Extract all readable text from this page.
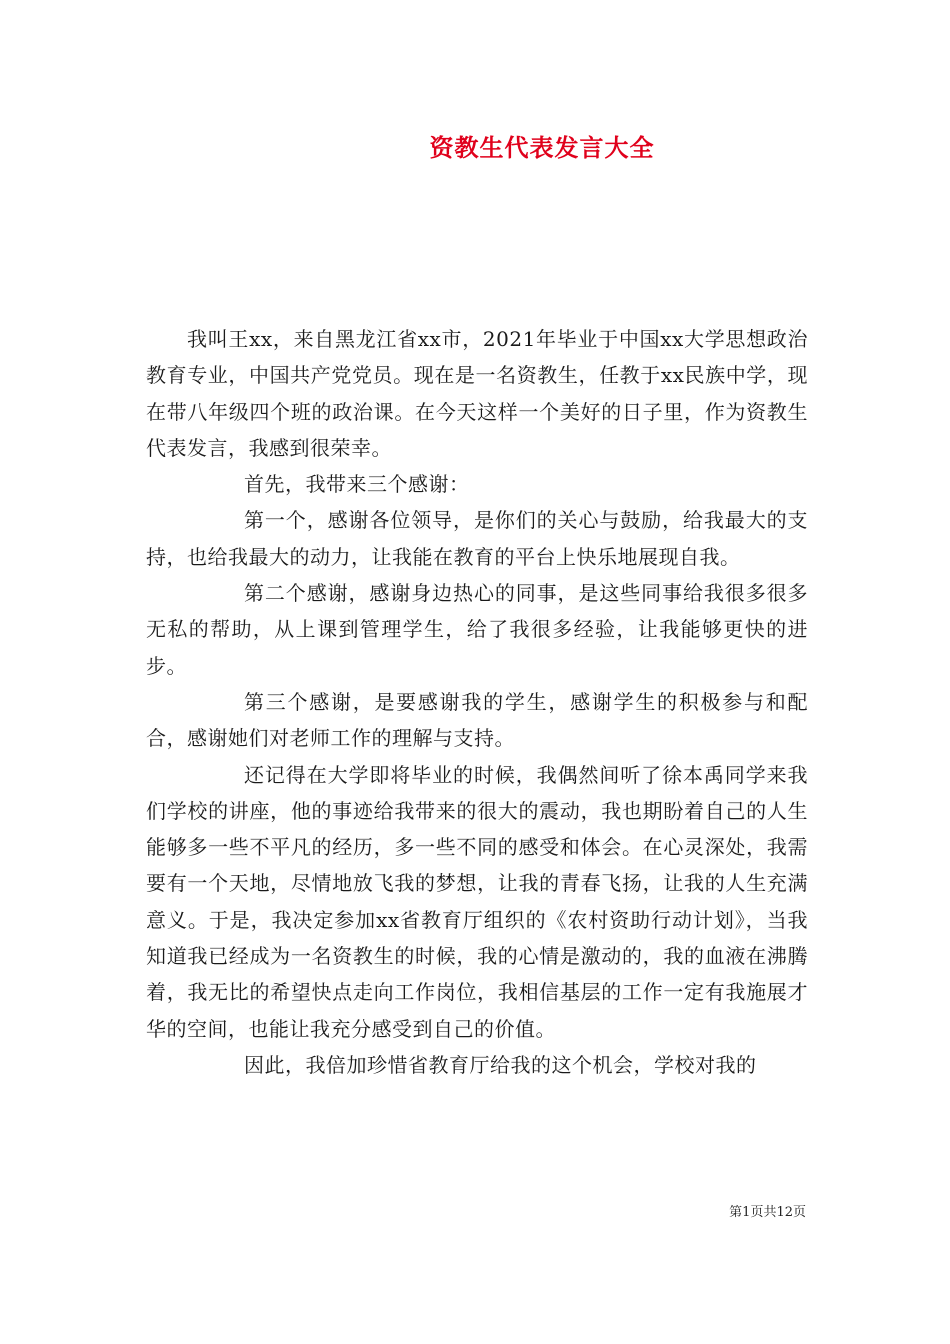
资教生代表发言大全

我叫王xx，来自黑龙江省xx市，2021年毕业于中国xx大学思想政治教育专业，中国共产党党员。现在是一名资教生，任教于xx民族中学，现在带八年级四个班的政治课。在今天这样一个美好的日子里，作为资教生代表发言，我感到很荣幸。

首先，我带来三个感谢：

第一个，感谢各位领导，是你们的关心与鼓励，给我最大的支持，也给我最大的动力，让我能在教育的平台上快乐地展现自我。

第二个感谢，感谢身边热心的同事，是这些同事给我很多很多无私的帮助，从上课到管理学生，给了我很多经验，让我能够更快的进步。

第三个感谢，是要感谢我的学生，感谢学生的积极参与和配合，感谢她们对老师工作的理解与支持。

还记得在大学即将毕业的时候，我偶然间听了徐本禹同学来我们学校的讲座，他的事迹给我带来的很大的震动，我也期盼着自己的人生能够多一些不平凡的经历，多一些不同的感受和体会。在心灵深处，我需要有一个天地，尽情地放飞我的梦想，让我的青春飞扬，让我的人生充满意义。于是，我决定参加xx省教育厅组织的《农村资助行动计划》，当我知道我已经成为一名资教生的时候，我的心情是激动的，我的血液在沸腾着，我无比的希望快点走向工作岗位，我相信基层的工作一定有我施展才华的空间，也能让我充分感受到自己的价值。

因此，我倍加珍惜省教育厅给我的这个机会，学校对我的

第1页共12页
